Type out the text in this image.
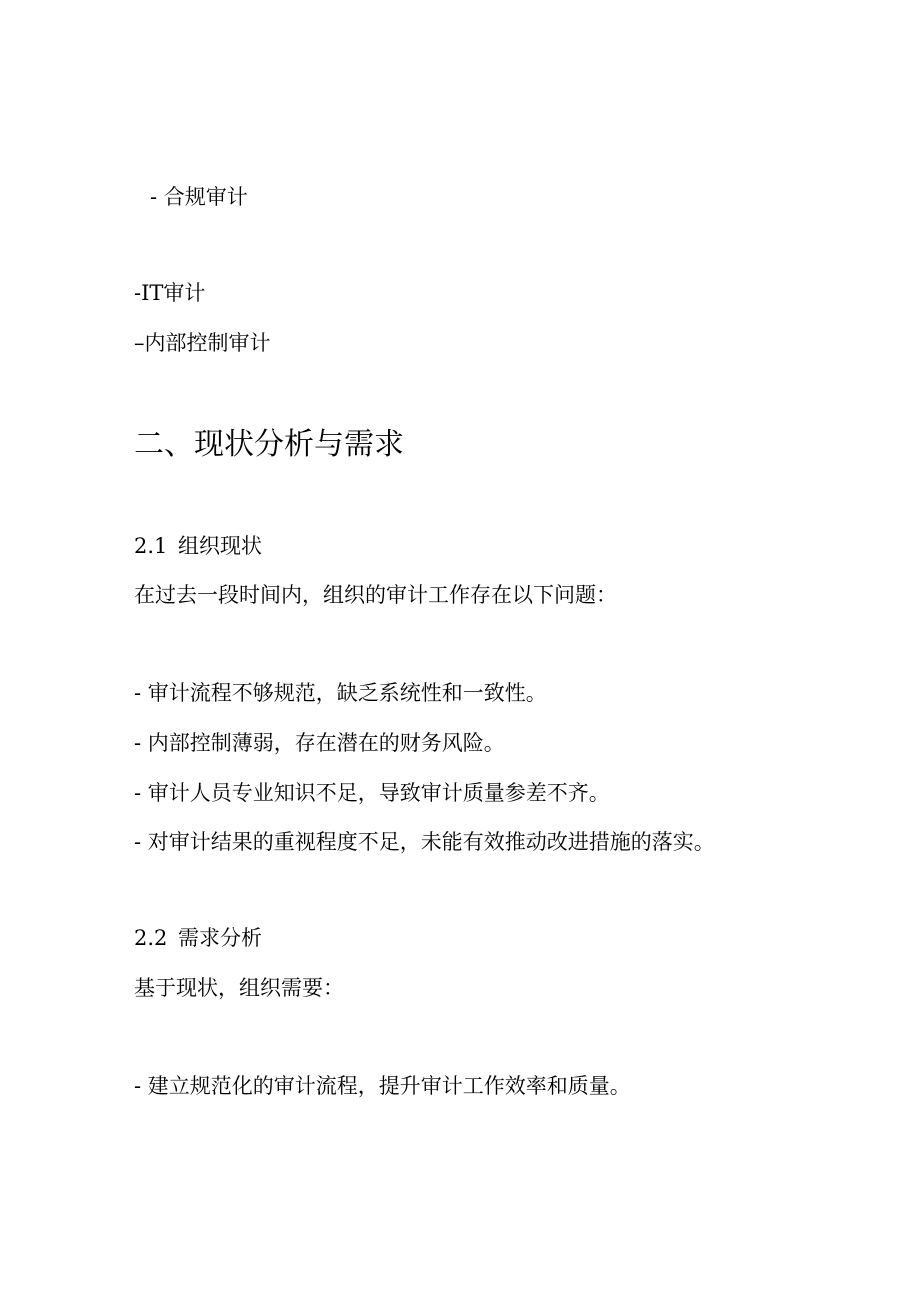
- 合规审计
-IT审计
–内部控制审计
二、现状分析与需求
2.1 组织现状
在过去一段时间内，组织的审计工作存在以下问题：
- 审计流程不够规范，缺乏系统性和一致性。
- 内部控制薄弱，存在潜在的财务风险。
- 审计人员专业知识不足，导致审计质量参差不齐。
- 对审计结果的重视程度不足，未能有效推动改进措施的落实。
2.2 需求分析
基于现状，组织需要：
- 建立规范化的审计流程，提升审计工作效率和质量。
